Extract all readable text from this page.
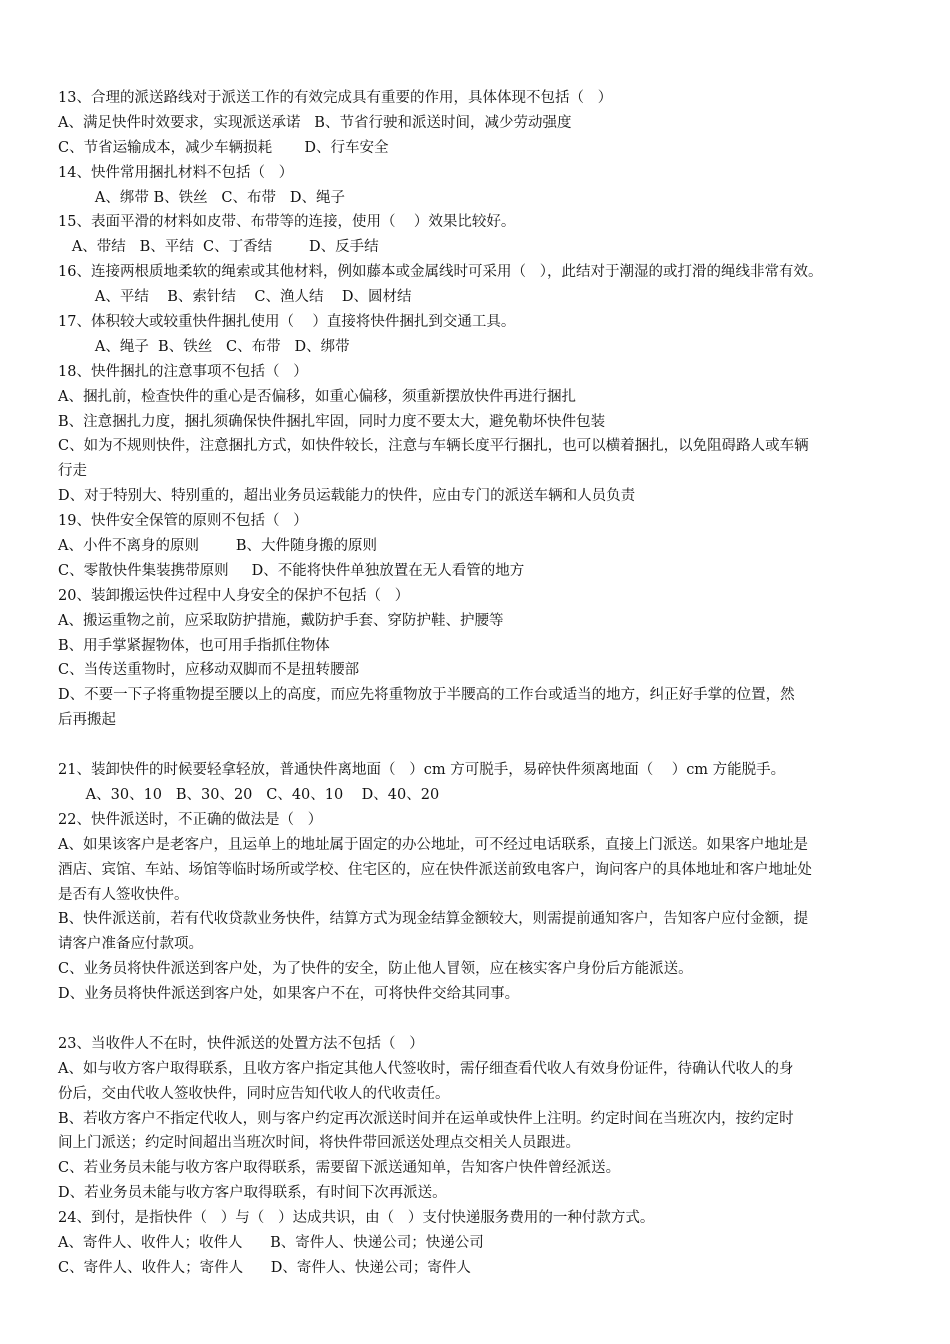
13、合理的派送路线对于派送工作的有效完成具有重要的作用，具体体现不包括（   ）
A、满足快件时效要求，实现派送承诺   B、节省行驶和派送时间，减少劳动强度
C、节省运输成本，减少车辆损耗       D、行车安全
14、快件常用捆扎材料不包括（   ）
A、绑带 B、铁丝   C、布带   D、绳子
15、表面平滑的材料如皮带、布带等的连接，使用（    ）效果比较好。
A、带结   B、平结  C、丁香结        D、反手结
16、连接两根质地柔软的绳索或其他材料，例如藤本或金属线时可采用（   ），此结对于潮湿的或打滑的绳线非常有效。
A、平结    B、索针结    C、渔人结    D、圆材结
17、体积较大或较重快件捆扎使用（    ）直接将快件捆扎到交通工具。
A、绳子  B、铁丝   C、布带   D、绑带
18、快件捆扎的注意事项不包括（   ）
A、捆扎前，检查快件的重心是否偏移，如重心偏移，须重新摆放快件再进行捆扎
B、注意捆扎力度，捆扎须确保快件捆扎牢固，同时力度不要太大，避免勒坏快件包装
C、如为不规则快件，注意捆扎方式，如快件较长，注意与车辆长度平行捆扎，也可以横着捆扎，以免阻碍路人或车辆
行走
D、对于特别大、特别重的，超出业务员运载能力的快件，应由专门的派送车辆和人员负责
19、快件安全保管的原则不包括（   ）
A、小件不离身的原则        B、大件随身搬的原则
C、零散快件集装携带原则     D、不能将快件单独放置在无人看管的地方
20、装卸搬运快件过程中人身安全的保护不包括（   ）
A、搬运重物之前，应采取防护措施，戴防护手套、穿防护鞋、护腰等
B、用手掌紧握物体，也可用手指抓住物体
C、当传送重物时，应移动双脚而不是扭转腰部
D、不要一下子将重物提至腰以上的高度，而应先将重物放于半腰高的工作台或适当的地方，纠正好手掌的位置，然
后再搬起
21、装卸快件的时候要轻拿轻放，普通快件离地面（   ）cm 方可脱手，易碎快件须离地面（    ）cm 方能脱手。
A、30、10   B、30、20   C、40、10    D、40、20
22、快件派送时，不正确的做法是（   ）
A、如果该客户是老客户，且运单上的地址属于固定的办公地址，可不经过电话联系，直接上门派送。如果客户地址是
酒店、宾馆、车站、场馆等临时场所或学校、住宅区的，应在快件派送前致电客户，询问客户的具体地址和客户地址处
是否有人签收快件。
B、快件派送前，若有代收贷款业务快件，结算方式为现金结算金额较大，则需提前通知客户，告知客户应付金额，提
请客户准备应付款项。
C、业务员将快件派送到客户处，为了快件的安全，防止他人冒领，应在核实客户身份后方能派送。
D、业务员将快件派送到客户处，如果客户不在，可将快件交给其同事。
23、当收件人不在时，快件派送的处置方法不包括（   ）
A、如与收方客户取得联系，且收方客户指定其他人代签收时，需仔细查看代收人有效身份证件，待确认代收人的身
份后，交由代收人签收快件，同时应告知代收人的代收责任。
B、若收方客户不指定代收人，则与客户约定再次派送时间并在运单或快件上注明。约定时间在当班次内，按约定时
间上门派送；约定时间超出当班次时间，将快件带回派送处理点交相关人员跟进。
C、若业务员未能与收方客户取得联系，需要留下派送通知单，告知客户快件曾经派送。
D、若业务员未能与收方客户取得联系，有时间下次再派送。
24、到付，是指快件（   ）与（   ）达成共识，由（   ）支付快递服务费用的一种付款方式。
A、寄件人、收件人；收件人      B、寄件人、快递公司；快递公司
C、寄件人、收件人；寄件人      D、寄件人、快递公司；寄件人
